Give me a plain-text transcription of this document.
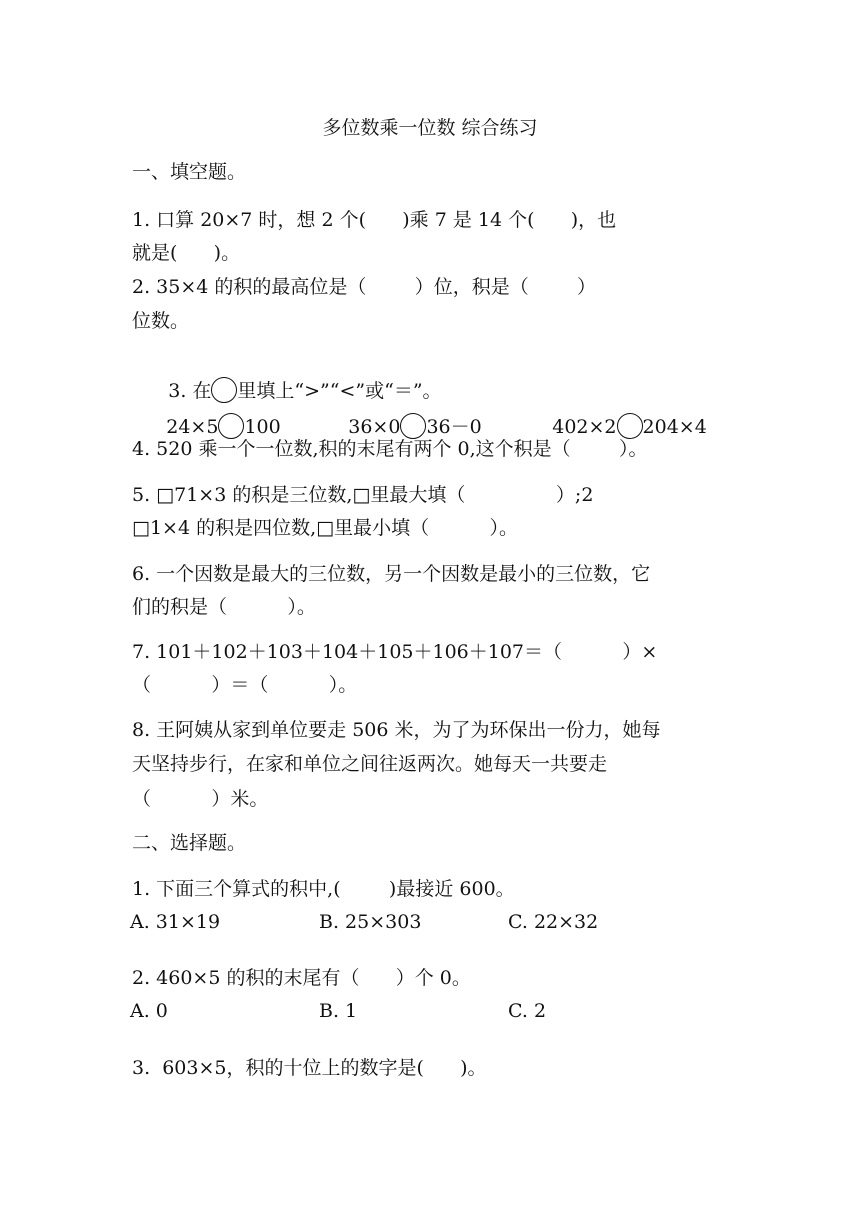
多位数乘一位数 综合练习
一、填空题。
1. 口算 20×7 时，想 2 个(      )乘 7 是 14 个(      )，也
就是(      )。
2. 35×4 的积的最高位是（        ）位，积是（        ）
位数。

3. 在 里填上“>”“<”或“＝”。

24×5 100
	36×0 36－0
	402×2 204×4

4. 520 乘一个一位数,积的末尾有两个 0,这个积是（        ）。
5. □71×3 的积是三位数,□里最大填（               ）;2
□1×4 的积是四位数,□里最小填（          ）。
6. 一个因数是最大的三位数，另一个因数是最小的三位数，它
们的积是（          ）。
7. 101＋102＋103＋104＋105＋106＋107＝（          ）×
（          ）＝（          ）。
8. 王阿姨从家到单位要走 506 米，为了为环保出一份力，她每
天坚持步行，在家和单位之间往返两次。她每天一共要走
（          ）米。
二、选择题。
1. 下面三个算式的积中,(        )最接近 600。
A. 31×19	B. 25×303	C. 22×32
2. 460×5 的积的末尾有（      ）个 0。
A. 0	B. 1	C. 2
3.  603×5，积的十位上的数字是(      )。
